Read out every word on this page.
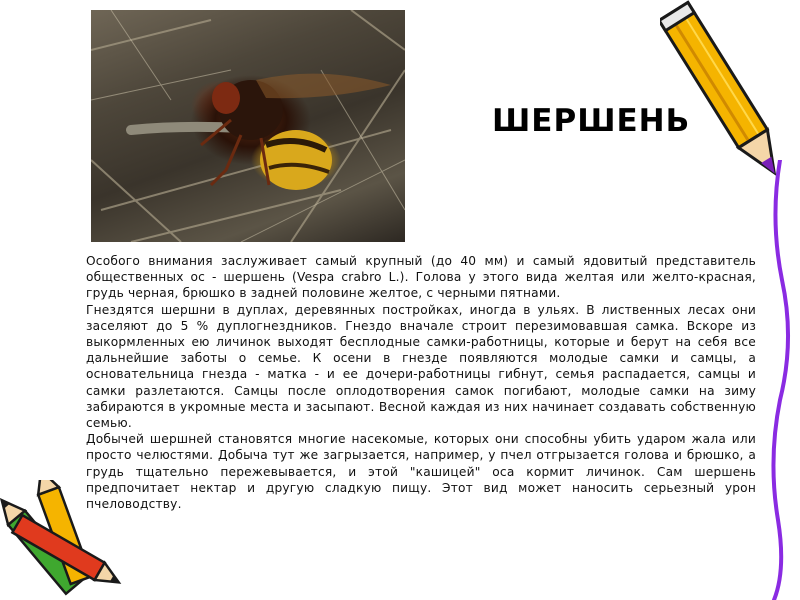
ШЕРШЕНЬ

Особого внимания заслуживает самый крупный (до 40 мм) и самый ядовитый представитель общественных ос - шершень (Vespa crabro L.). Голова у этого вида желтая или желто-красная, грудь черная, брюшко в задней половине желтое, с черными пятнами.

Гнездятся шершни в дуплах, деревянных постройках, иногда в ульях. В лиственных лесах они заселяют до 5 % дуплогнездников. Гнездо вначале строит перезимовавшая самка. Вскоре из выкормленных ею личинок выходят бесплодные самки-работницы, которые и берут на себя все дальнейшие заботы о семье. К осени в гнезде появляются молодые самки и самцы, а основательница гнезда - матка - и ее дочери-работницы гибнут, семья распадается, самцы и самки разлетаются. Самцы после оплодотворения самок погибают, молодые самки на зиму забираются в укромные места и засыпают. Весной каждая из них начинает создавать собственную семью.

Добычей шершней становятся многие насекомые, которых они способны убить ударом жала или просто челюстями. Добыча тут же загрызается, например, у пчел отгрызается голова и брюшко, а грудь тщательно пережевывается, и этой "кашицей" оса кормит личинок. Сам шершень предпочитает нектар и другую сладкую пищу. Этот вид может наносить серьезный урон пчеловодству.
